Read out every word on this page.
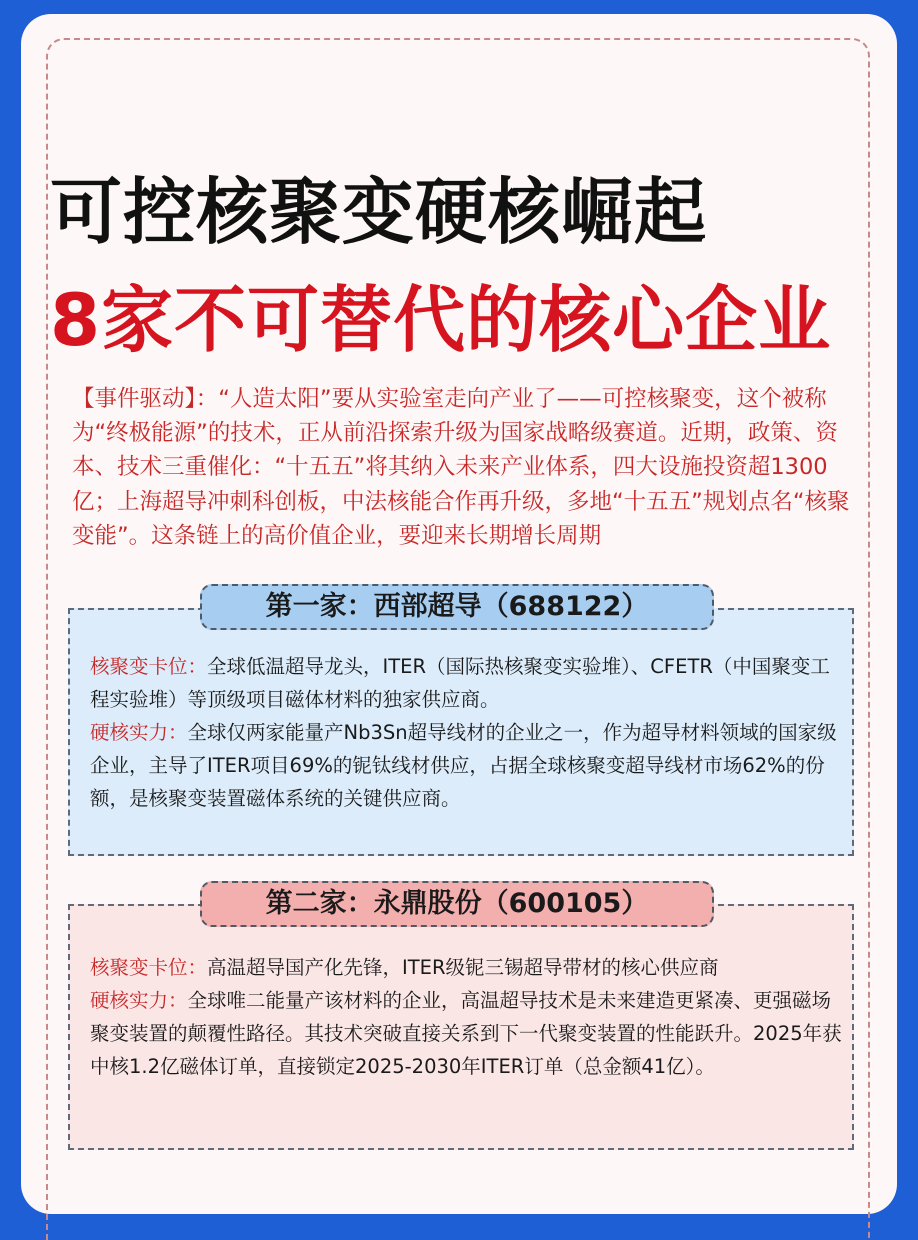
可控核聚变硬核崛起
8家不可替代的核心企业
【事件驱动】：“人造太阳”要从实验室走向产业了——可控核聚变，这个被称为“终极能源”的技术，正从前沿探索升级为国家战略级赛道。近期，政策、资本、技术三重催化：“十五五”将其纳入未来产业体系，四大设施投资超1300亿；上海超导冲刺科创板，中法核能合作再升级，多地“十五五”规划点名“核聚变能”。这条链上的高价值企业，要迎来长期增长周期
第一家：西部超导（688122）

核聚变卡位：全球低温超导龙头，ITER（国际热核聚变实验堆）、CFETR（中国聚变工程实验堆）等顶级项目磁体材料的独家供应商。

硬核实力：全球仅两家能量产Nb3Sn超导线材的企业之一，作为超导材料领域的国家级企业，主导了ITER项目69%的铌钛线材供应，占据全球核聚变超导线材市场62%的份额，是核聚变装置磁体系统的关键供应商。

第二家：永鼎股份（600105）

核聚变卡位：高温超导国产化先锋，ITER级铌三锡超导带材的核心供应商

硬核实力：全球唯二能量产该材料的企业，高温超导技术是未来建造更紧凑、更强磁场聚变装置的颠覆性路径。其技术突破直接关系到下一代聚变装置的性能跃升。2025年获中核1.2亿磁体订单，直接锁定2025-2030年ITER订单（总金额41亿）。
